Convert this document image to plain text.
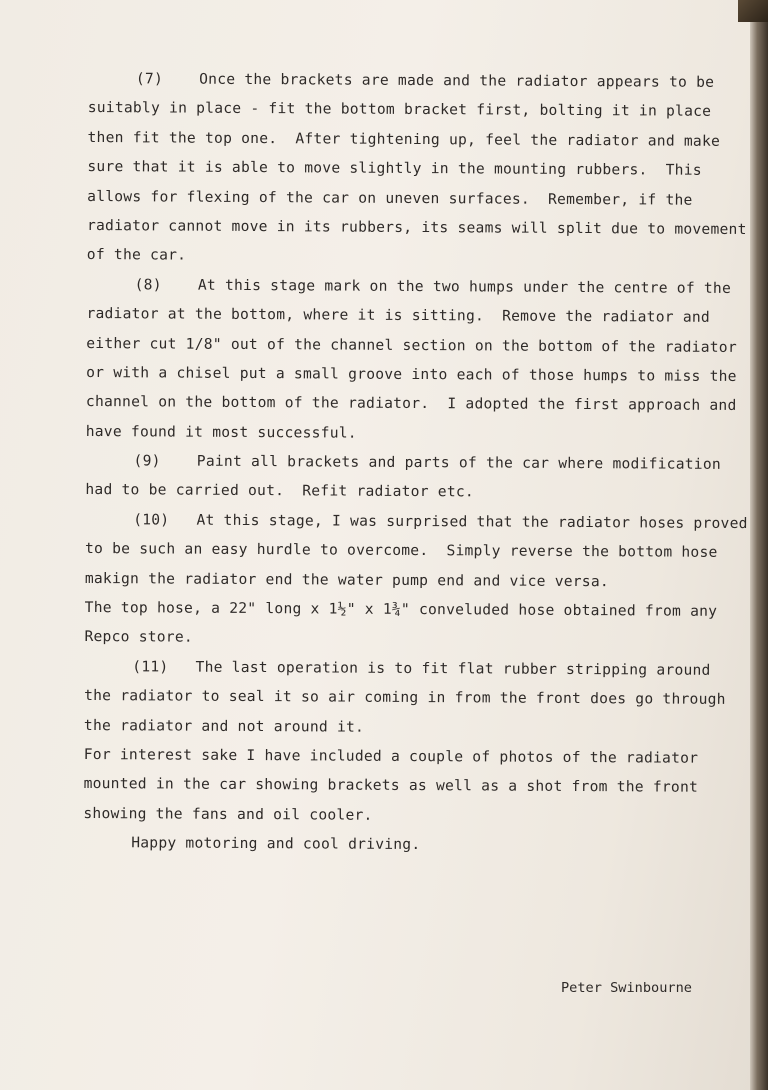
(7)    Once the brackets are made and the radiator appears to be
suitably in place - fit the bottom bracket first, bolting it in place
then fit the top one.  After tightening up, feel the radiator and make
sure that it is able to move slightly in the mounting rubbers.  This
allows for flexing of the car on uneven surfaces.  Remember, if the
radiator cannot move in its rubbers, its seams will split due to movement
of the car.
(8)    At this stage mark on the two humps under the centre of the
radiator at the bottom, where it is sitting.  Remove the radiator and
either cut 1/8" out of the channel section on the bottom of the radiator
or with a chisel put a small groove into each of those humps to miss the
channel on the bottom of the radiator.  I adopted the first approach and
have found it most successful.
(9)    Paint all brackets and parts of the car where modification
had to be carried out.  Refit radiator etc.
(10)   At this stage, I was surprised that the radiator hoses proved
to be such an easy hurdle to overcome.  Simply reverse the bottom hose
makign the radiator end the water pump end and vice versa.
The top hose, a 22" long x 1½" x 1¾" conveluded hose obtained from any
Repco store.
(11)   The last operation is to fit flat rubber stripping around
the radiator to seal it so air coming in from the front does go through
the radiator and not around it.
For interest sake I have included a couple of photos of the radiator
mounted in the car showing brackets as well as a shot from the front
showing the fans and oil cooler.
Happy motoring and cool driving.
Peter Swinbourne
